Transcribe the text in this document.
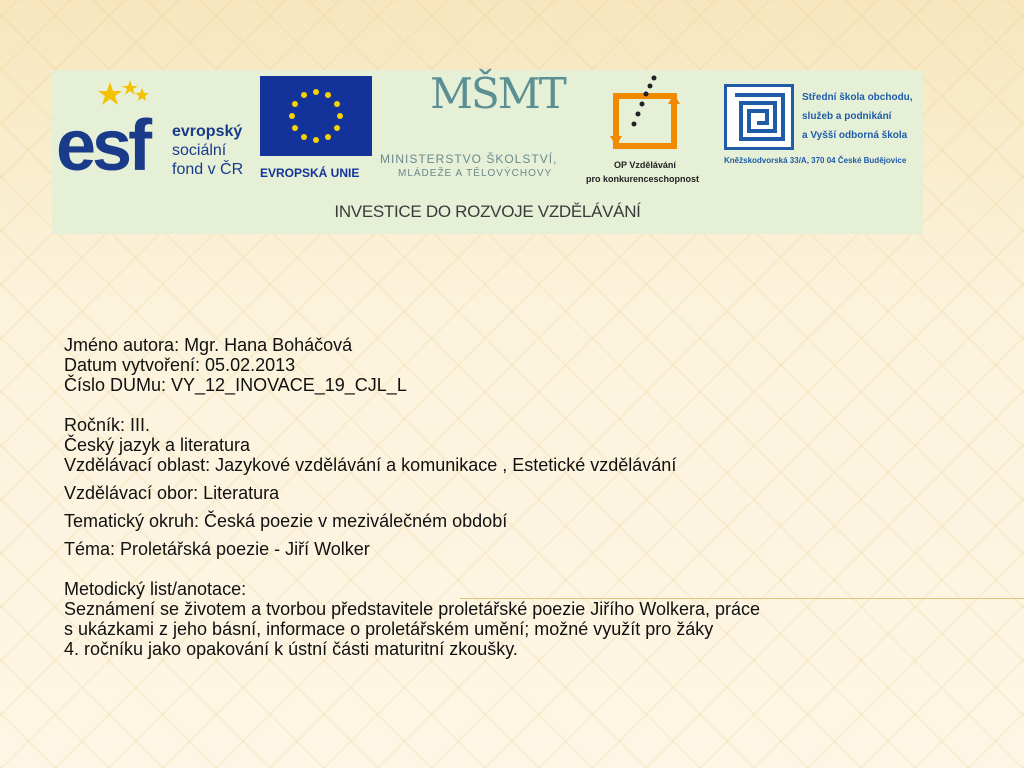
esf evropský
sociální
fond v ČR EVROPSKÁ UNIE
MŠMT
MINISTERSTVO ŠKOLSTVÍ,
MLÁDEŽE A TĚLOVÝCHOVY
OP Vzdělávání
pro konkurenceschopnost
Střední škola obchodu,
služeb a podnikání
a Vyšší odborná škola
Kněžskodvorská 33/A, 370 04 České Budějovice
INVESTICE DO ROZVOJE VZDĚLÁVÁNÍ
Jméno autora: Mgr. Hana Boháčová
Datum vytvoření: 05.02.2013
Číslo DUMu: VY_12_INOVACE_19_CJL_L
Ročník: III.
Český jazyk a literatura
Vzdělávací oblast: Jazykové vzdělávání a komunikace , Estetické vzdělávání
Vzdělávací obor: Literatura
Tematický okruh: Česká poezie v meziválečném období
Téma: Proletářská poezie - Jiří Wolker
Metodický list/anotace:
Seznámení se životem a tvorbou představitele proletářské poezie Jiřího Wolkera, práce
s ukázkami z jeho básní, informace o proletářském umění; možné využít pro žáky
4. ročníku jako opakování k ústní části maturitní zkoušky.
